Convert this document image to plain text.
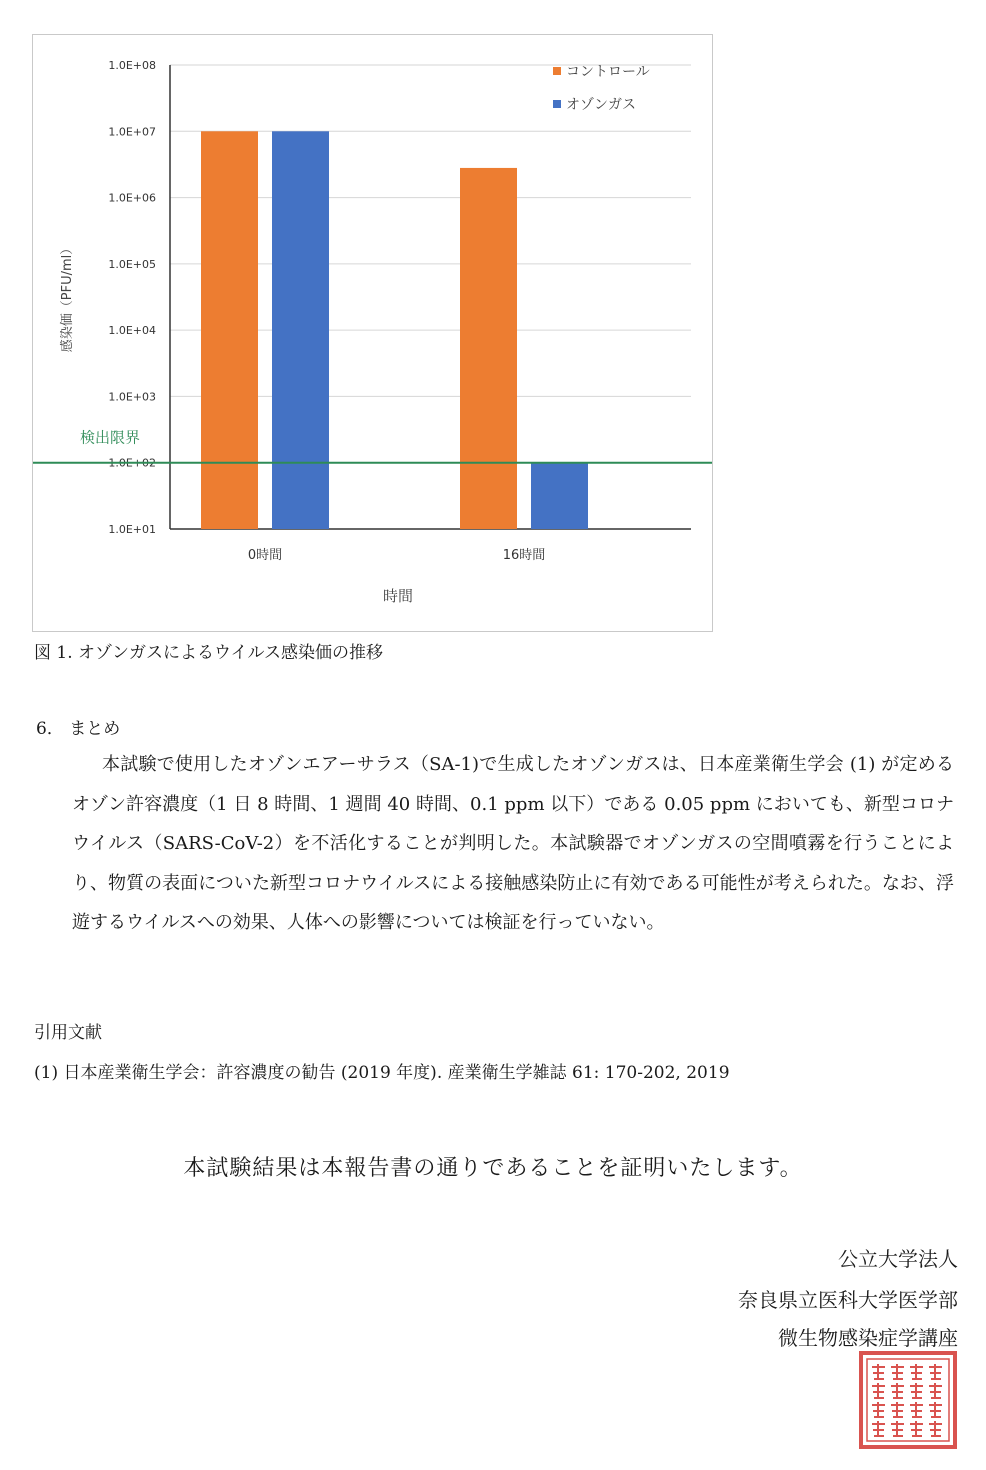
1.0E+01
1.0E+02
1.0E+03
1.0E+04
1.0E+05
1.0E+06
1.0E+07
1.0E+08
0時間	16時間
検出限界
時間
感染価（PFU/ml）
コントロール
オゾンガス
図 1. オゾンガスによるウイルス感染価の推移
6． まとめ
本試験で使用したオゾンエアーサラス（SA-1)で生成したオゾンガスは、日本産業衛生学会 (1) が定めるオゾン許容濃度（1 日 8 時間、1 週間 40 時間、0.1 ppm 以下）である 0.05 ppm においても、新型コロナウイルス（SARS-CoV-2）を不活化することが判明した。本試験器でオゾンガスの空間噴霧を行うことにより、物質の表面についた新型コロナウイルスによる接触感染防止に有効である可能性が考えられた。なお、浮遊するウイルスへの効果、人体への影響については検証を行っていない。
引用文献
(1) 日本産業衛生学会：許容濃度の勧告 (2019 年度). 産業衛生学雑誌 61: 170-202, 2019
本試験結果は本報告書の通りであることを証明いたします。
公立大学法人
奈良県立医科大学医学部
微生物感染症学講座
